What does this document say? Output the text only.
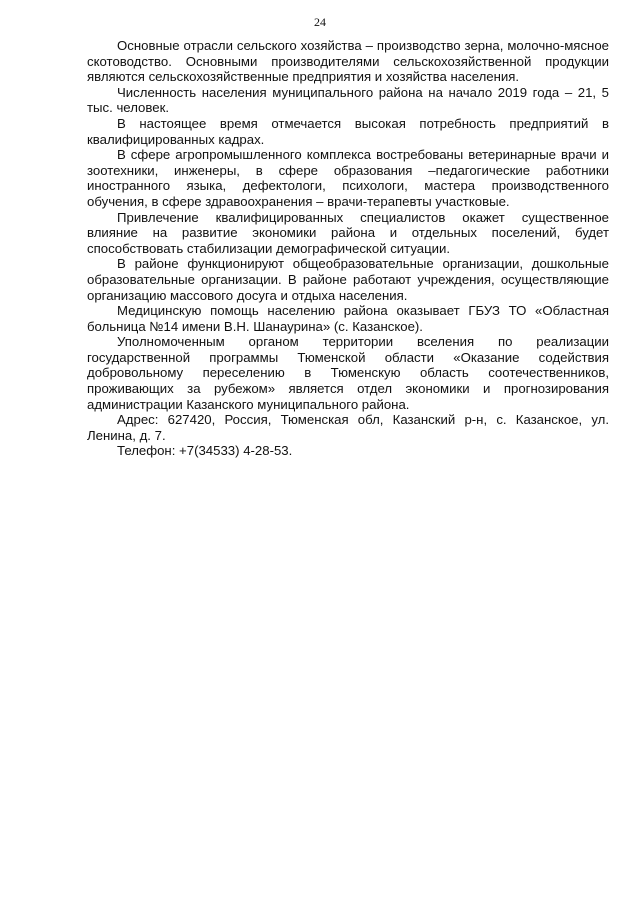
24

Основные отрасли сельского хозяйства – производство зерна, молочно-мясное скотоводство. Основными производителями сельскохозяйственной продукции являются сельскохозяйственные предприятия и хозяйства населения.

Численность населения муниципального района на начало 2019 года – 21, 5 тыс. человек.

В настоящее время отмечается высокая потребность предприятий в квалифицированных кадрах.

В сфере агропромышленного комплекса востребованы ветеринарные врачи и зоотехники, инженеры, в сфере образования –педагогические работники иностранного языка, дефектологи, психологи, мастера производственного обучения, в сфере здравоохранения – врачи-терапевты участковые.

Привлечение квалифицированных специалистов окажет существенное влияние на развитие экономики района и отдельных поселений, будет способствовать стабилизации демографической ситуации.

В районе функционируют общеобразовательные организации, дошкольные образовательные организации. В районе работают учреждения, осуществляющие организацию массового досуга и отдыха населения.

Медицинскую помощь населению района оказывает ГБУЗ ТО «Областная больница №14 имени В.Н. Шанаурина» (с. Казанское).

Уполномоченным органом территории вселения по реализации государственной программы Тюменской области «Оказание содействия добровольному переселению в Тюменскую область соотечественников, проживающих за рубежом» является отдел экономики и прогнозирования администрации Казанского муниципального района.

Адрес: 627420, Россия, Тюменская обл, Казанский р-н, с. Казанское, ул. Ленина, д. 7.

Телефон: +7(34533) 4-28-53.
